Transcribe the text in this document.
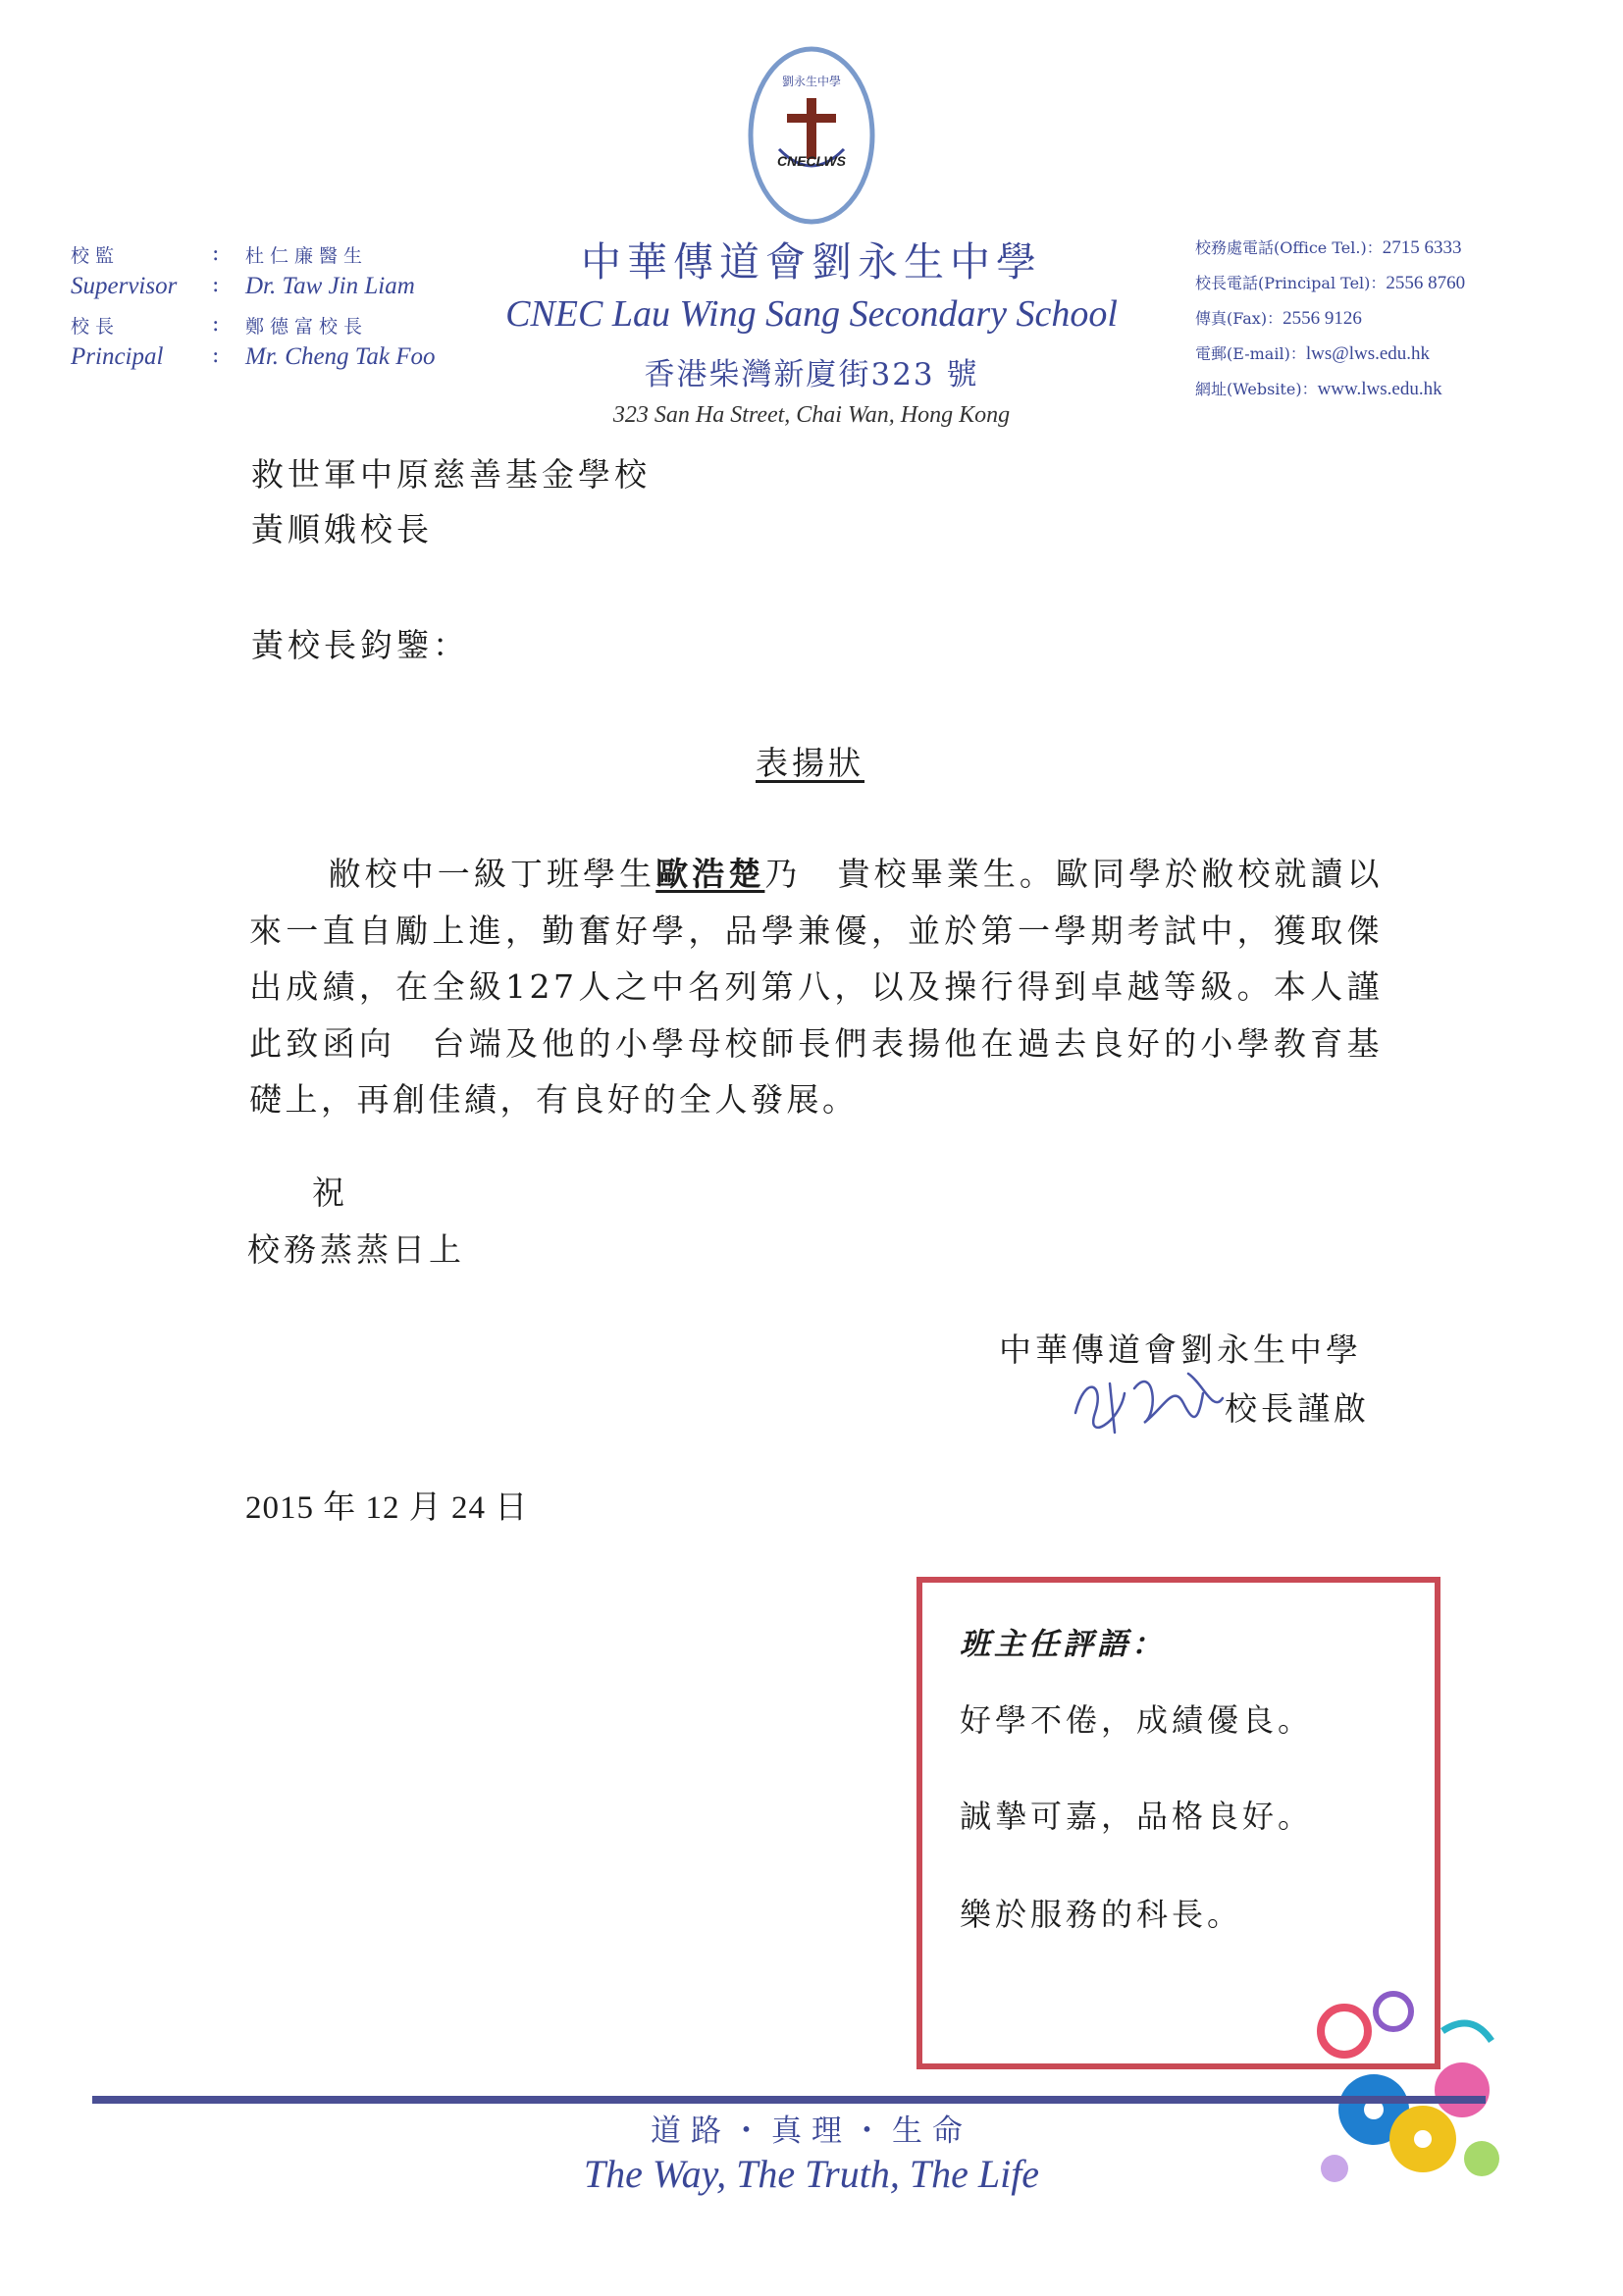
劉永生中學
CNECLWS
校監	: 杜仁廉醫生
Supervisor : Dr. Taw Jin Liam
校長	: 鄭德富校長
Principal : Mr. Cheng Tak Foo
中華傳道會劉永生中學
CNEC Lau Wing Sang Secondary School
香港柴灣新廈街323 號
323 San Ha Street, Chai Wan, Hong Kong
校務處電話(Office Tel.)：2715 6333
校長電話(Principal Tel)：2556 8760
傳真(Fax)：2556 9126
電郵(E-mail)：lws@lws.edu.hk
網址(Website)：www.lws.edu.hk
救世軍中原慈善基金學校
黃順娥校長
黃校長鈞鑒：
表揚狀
敝校中一級丁班學生歐浩楚乃　貴校畢業生。歐同學於敝校就讀以來一直自勵上進，勤奮好學，品學兼優，並於第一學期考試中，獲取傑出成績，在全級127人之中名列第八，以及操行得到卓越等級。本人謹此致函向　台端及他的小學母校師長們表揚他在過去良好的小學教育基礎上，再創佳績，有良好的全人發展。
祝
校務蒸蒸日上
中華傳道會劉永生中學
校長謹啟
2015 年 12 月 24 日
班主任評語：
好學不倦，成績優良。
誠摯可嘉，品格良好。
樂於服務的科長。
道路・真理・生命
The Way, The Truth, The Life
